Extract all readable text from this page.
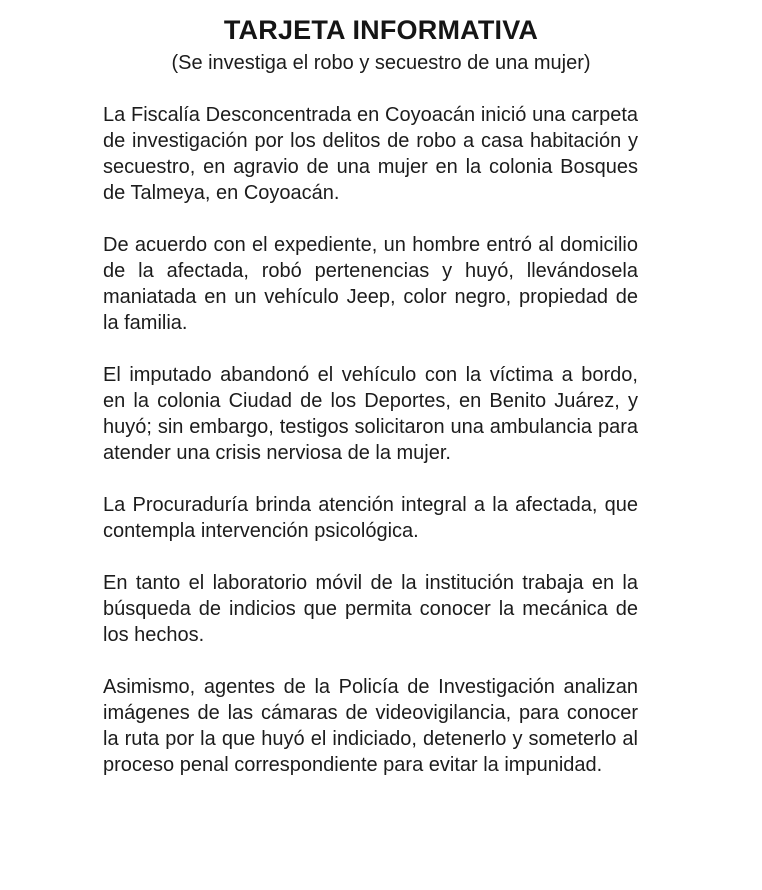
TARJETA INFORMATIVA
(Se investiga el robo y secuestro de una mujer)

La Fiscalía Desconcentrada en Coyoacán inició una carpeta de investigación por los delitos de robo a casa habitación y secuestro, en agravio de una mujer en la colonia Bosques de Talmeya, en Coyoacán.

De acuerdo con el expediente, un hombre entró al domicilio de la afectada, robó pertenencias y huyó, llevándosela maniatada en un vehículo Jeep, color negro, propiedad de la familia.

El imputado abandonó el vehículo con la víctima a bordo, en la colonia Ciudad de los Deportes, en Benito Juárez, y huyó; sin embargo, testigos solicitaron una ambulancia para atender una crisis nerviosa de la mujer.

La Procuraduría brinda atención integral a la afectada, que contempla intervención psicológica.

En tanto el laboratorio móvil de la institución trabaja en la búsqueda de indicios que permita conocer la mecánica de los hechos.

Asimismo, agentes de la Policía de Investigación analizan imágenes de las cámaras de videovigilancia, para conocer la ruta por la que huyó el indiciado, detenerlo y someterlo al proceso penal correspondiente para evitar la impunidad.
